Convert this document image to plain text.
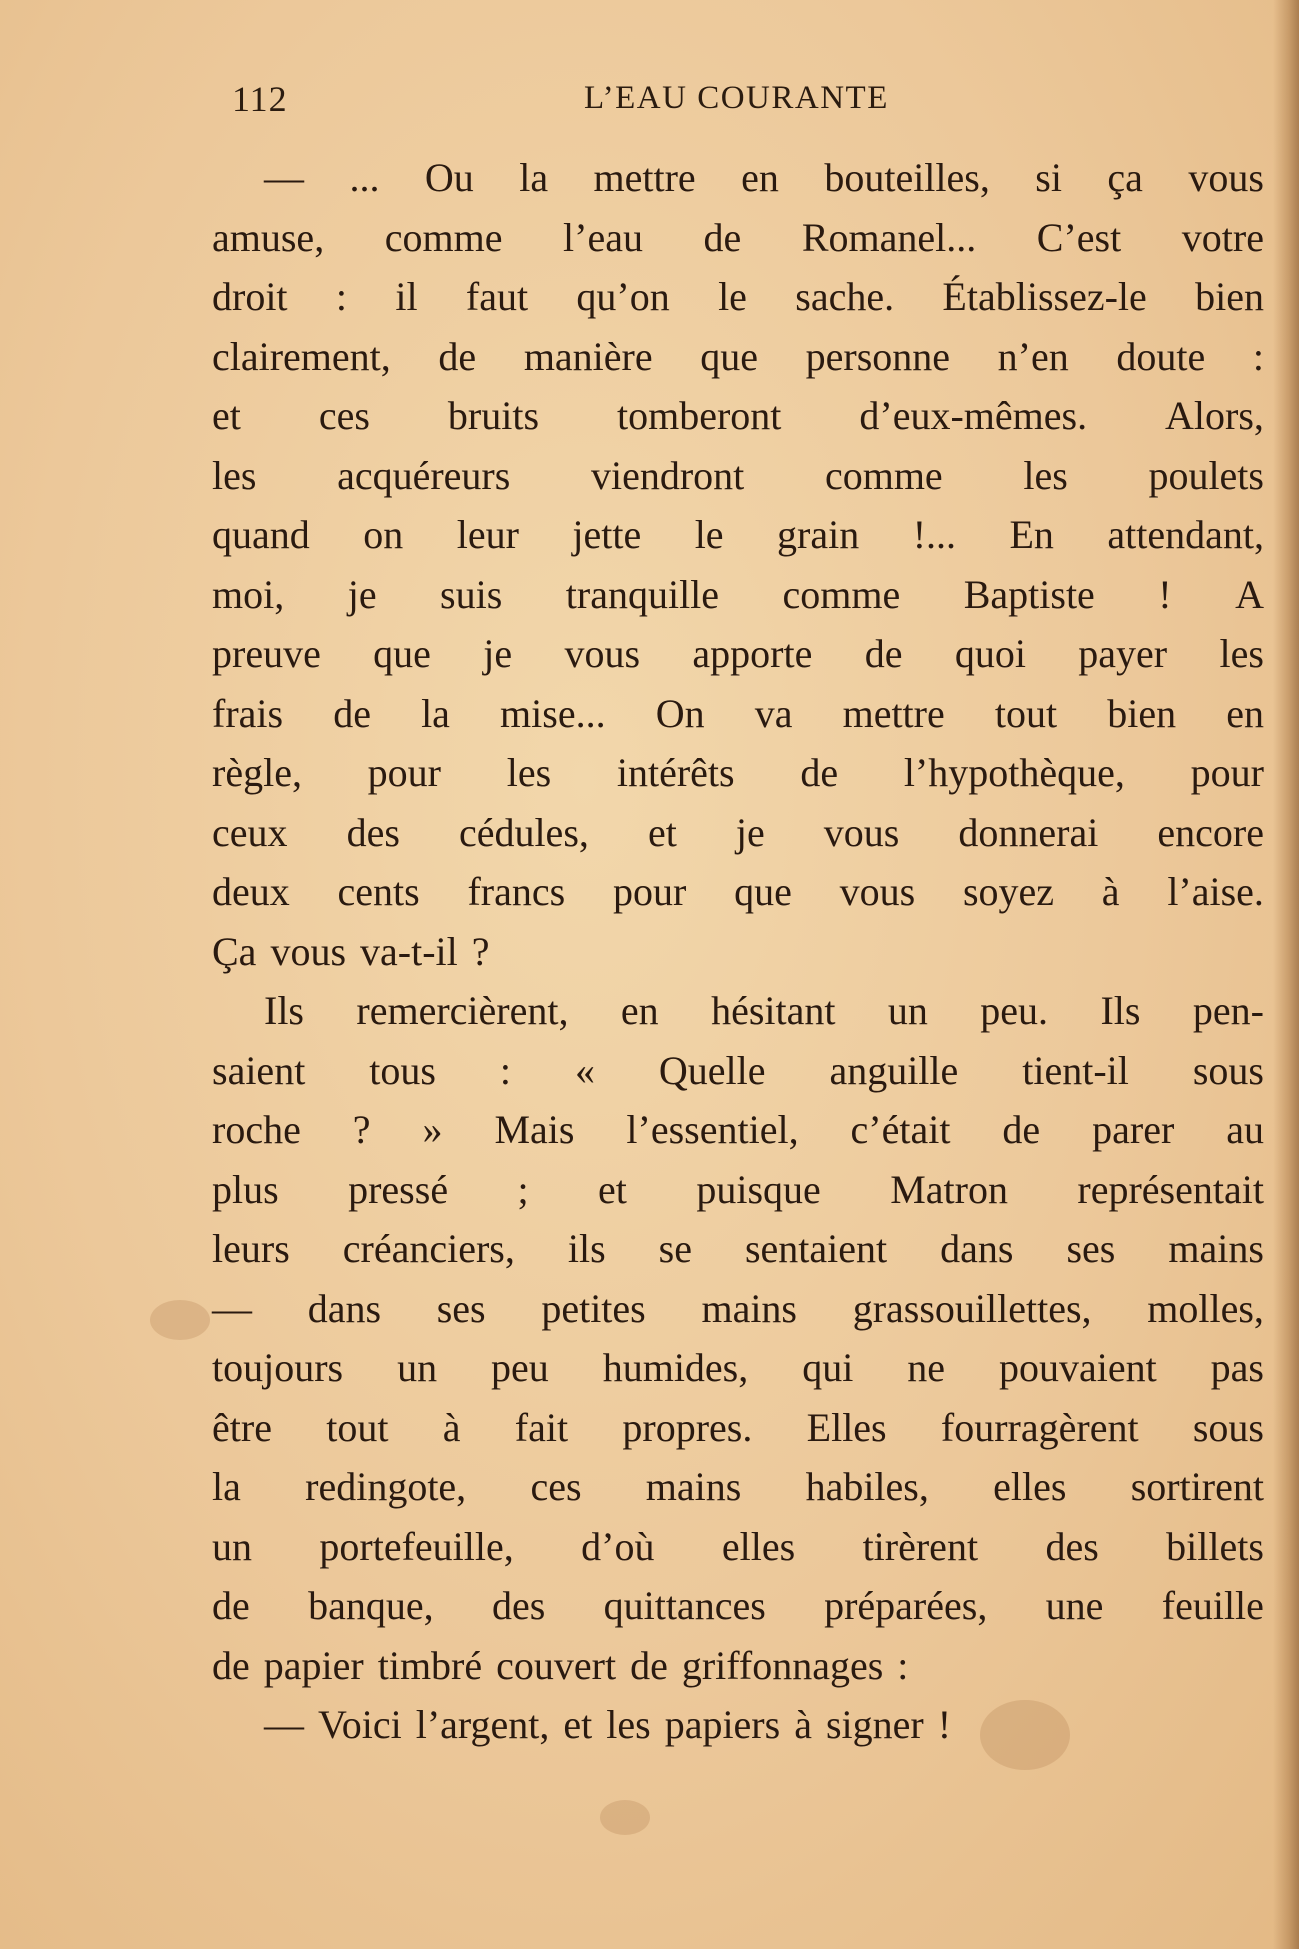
112	L’EAU COURANTE
— ... Ou la mettre en bouteilles, si ça vous
amuse, comme l’eau de Romanel... C’est votre
droit : il faut qu’on le sache. Établissez-le bien
clairement, de manière que personne n’en doute :
et ces bruits tomberont d’eux-mêmes. Alors,
les acquéreurs viendront comme les poulets
quand on leur jette le grain !... En attendant,
moi, je suis tranquille comme Baptiste ! A
preuve que je vous apporte de quoi payer les
frais de la mise... On va mettre tout bien en
règle, pour les intérêts de l’hypothèque, pour
ceux des cédules, et je vous donnerai encore
deux cents francs pour que vous soyez à l’aise.
Ça vous va-t-il ?
Ils remercièrent, en hésitant un peu. Ils pen-
saient tous : « Quelle anguille tient-il sous
roche ? » Mais l’essentiel, c’était de parer au
plus pressé ; et puisque Matron représentait
leurs créanciers, ils se sentaient dans ses mains
— dans ses petites mains grassouillettes, molles,
toujours un peu humides, qui ne pouvaient pas
être tout à fait propres. Elles fourragèrent sous
la redingote, ces mains habiles, elles sortirent
un portefeuille, d’où elles tirèrent des billets
de banque, des quittances préparées, une feuille
de papier timbré couvert de griffonnages :
— Voici l’argent, et les papiers à signer !
